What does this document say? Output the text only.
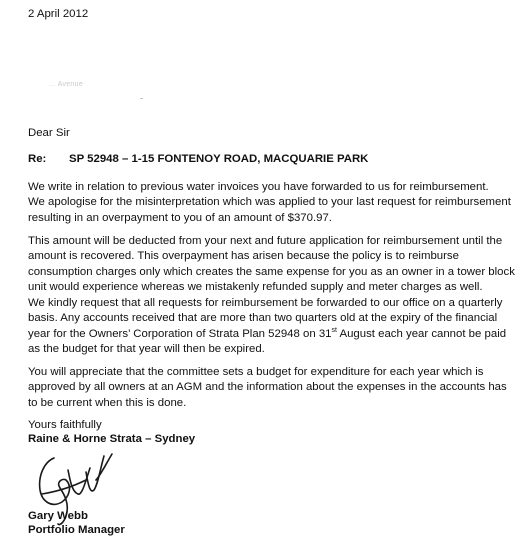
2 April 2012
... Avenue
Dear Sir
Re: SP 52948 – 1-15 FONTENOY ROAD, MACQUARIE PARK
We write in relation to previous water invoices you have forwarded to us for reimbursement.
We apologise for the misinterpretation which was applied to your last request for reimbursement
resulting in an overpayment to you of an amount of $370.97.
This amount will be deducted from your next and future application for reimbursement until the
amount is recovered. This overpayment has arisen because the policy is to reimburse
consumption charges only which creates the same expense for you as an owner in a tower block
unit would experience whereas we mistakenly refunded supply and meter charges as well.
We kindly request that all requests for reimbursement be forwarded to our office on a quarterly
basis. Any accounts received that are more than two quarters old at the expiry of the financial
year for the Owners’ Corporation of Strata Plan 52948 on 31st August each year cannot be paid
as the budget for that year will then be expired.
You will appreciate that the committee sets a budget for expenditure for each year which is
approved by all owners at an AGM and the information about the expenses in the accounts has
to be current when this is done.
Yours faithfully
Raine & Horne Strata – Sydney
Gary Webb
Portfolio Manager
